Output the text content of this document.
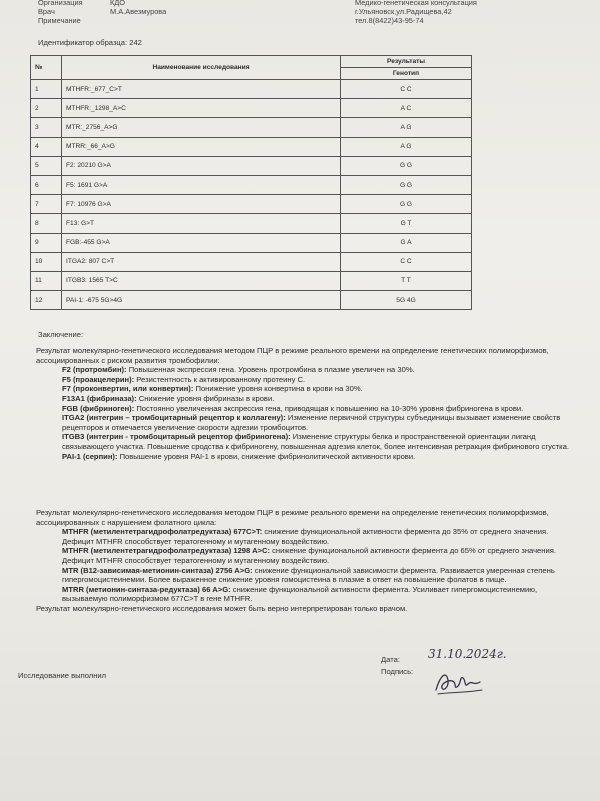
Организация	КДО
Врач	М.А.Авезмурова
Примечание
Медико-генетическая консультация
г.Ульяновск,ул.Радищева,42
тел.8(8422)43-95-74
Идентификатор образца: 242
№	Наименование исследования	Результаты
		Генотип
1	MTHFR:_677_C>T	C C
2	MTHFR:_1298_A>C	A C
3	MTR:_2756_A>G	A G
4	MTRR:_66_A>G	A G
5	F2: 20210 G>A	G G
6	F5: 1691 G>A	G G
7	F7: 10976 G>A	G G
8	F13: G>T	G T
9	FGB:-455 G>A	G A
10	ITGA2: 807 C>T	C C
11	ITGB3: 1565 T>C	T T
12	PAI-1: -675 5G>4G	5G 4G
Заключение:

Результат молекулярно-генетического исследования методом ПЦР в режиме реального времени на определение генетических полиморфизмов, ассоциированных с риском развития тромбофилии:

F2 (протромбин): Повышенная экспрессия гена. Уровень протромбина в плазме увеличен на 30%.

F5 (проакцелерин): Резистентность к активированному протеину С.

F7 (проконвертин, или конвертин): Понижение уровня конвертина в крови на 30%.

F13A1 (фибриназа): Снижение уровня фибриназы в крови.

FGB (фибриноген): Постоянно увеличенная экспрессия гена, приводящая к повышению на 10-30% уровня фибриногена в крови.

ITGA2 (интегрин – тромбоцитарный рецептор к коллагену): Изменение первичной структуры субъединицы вызывает изменение свойств рецепторов и отмечается увеличение скорости адгезии тромбоцитов.

ITGB3 (интегрин - тромбоцитарный рецептор фибриногена): Изменение структуры белка и пространственной ориентации лиганд связывающего участка. Повышение сродства к фибриногену, повышенная адгезия клеток, более интенсивная ретракция фибринового сгустка.

PAI-1 (серпин): Повышение уровня PAI-1 в крови, снижение фибринолитической активности крови.

Результат молекулярно-генетического исследования методом ПЦР в режиме реального времени на определение генетических полиморфизмов, ассоциированных с нарушением фолатного цикла:

MTHFR (метилентетрагидрофолатредуктаза) 677C>T: снижение функциональной активности фермента до 35% от среднего значения. Дефицит MTHFR способствует тератогенному и мутагенному воздействию.

MTHFR (метилентетрагидрофолатредуктаза) 1298 A>C: снижение функциональной активности фермента до 65% от среднего значения. Дефицит MTHFR способствует тератогенному и мутагенному воздействию.

MTR (B12-зависимая-метионин-синтаза) 2756 A>G: снижение функциональной зависимости фермента. Развивается умеренная степень гипергомоцистеинемии. Более выраженное снижение уровня гомоцистеина в плазме в ответ на повышение фолатов в пище.

MTRR (метионин-синтаза-редуктаза) 66 A>G: снижение функциональной активности фермента. Усиливает гипергомоцистеинемию, вызываемую полиморфизмом 677C>T в гене MTHFR.

Результат молекулярно-генетического исследования может быть верно интерпретирован только врачом.

Исследование выполнил
Дата:
Подпись:
31.10.2024г.
